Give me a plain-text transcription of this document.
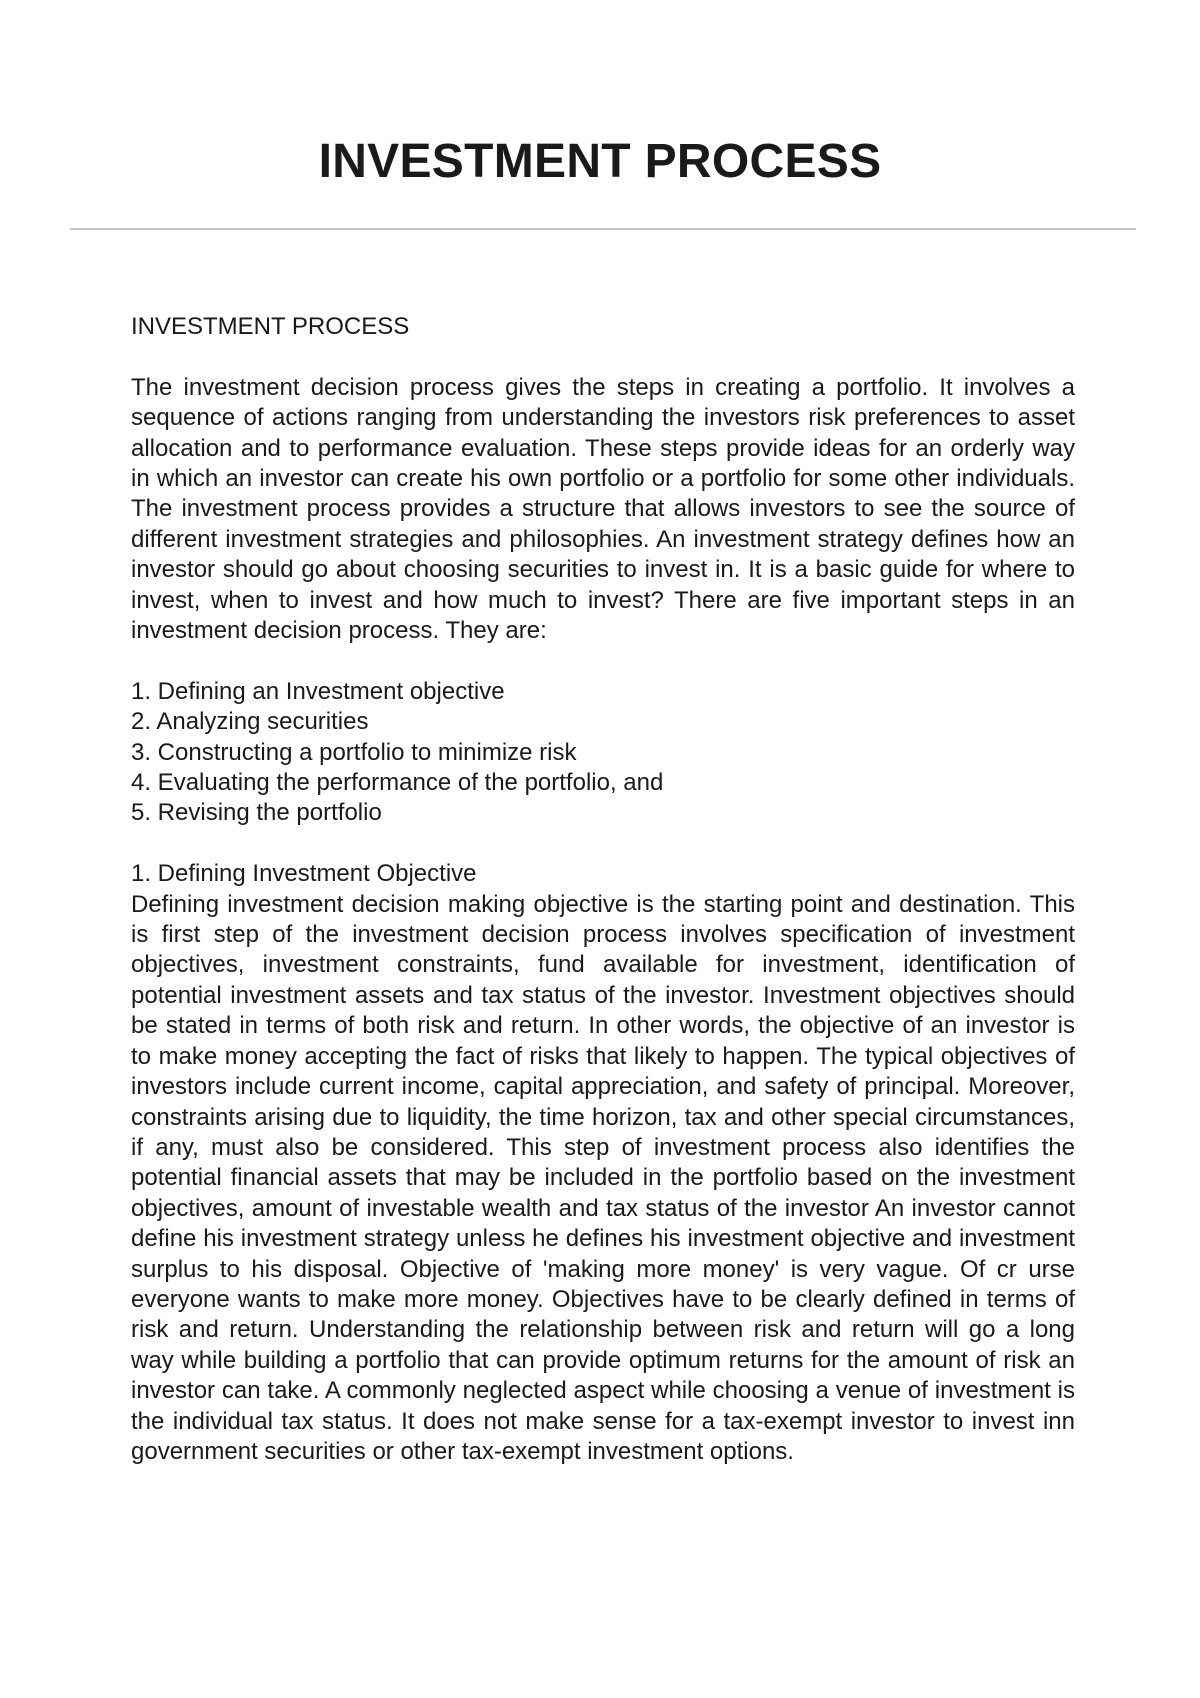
INVESTMENT PROCESS

INVESTMENT PROCESS

The investment decision process gives the steps in creating a portfolio. It involves a sequence of actions ranging from understanding the investors risk preferences to asset allocation and to performance evaluation. These steps provide ideas for an orderly way in which an investor can create his own portfolio or a portfolio for some other individuals. The investment process provides a structure that allows investors to see the source of different investment strategies and philosophies. An investment strategy defines how an investor should go about choosing securities to invest in. It is a basic guide for where to invest, when to invest and how much to invest? There are five important steps in an investment decision process. They are:

1. Defining an Investment objective
2. Analyzing securities
3. Constructing a portfolio to minimize risk
4. Evaluating the performance of the portfolio, and
5. Revising the portfolio

1. Defining Investment Objective

Defining investment decision making objective is the starting point and destination. This is first step of the investment decision process involves specification of investment objectives, investment constraints, fund available for investment, identification of potential investment assets and tax status of the investor. Investment objectives should be stated in terms of both risk and return. In other words, the objective of an investor is to make money accepting the fact of risks that likely to happen. The typical objectives of investors include current income, capital appreciation, and safety of principal. Moreover, constraints arising due to liquidity, the time horizon, tax and other special circumstances, if any, must also be considered. This step of investment process also identifies the potential financial assets that may be included in the portfolio based on the investment objectives, amount of investable wealth and tax status of the investor An investor cannot define his investment strategy unless he defines his investment objective and investment surplus to his disposal. Objective of 'making more money' is very vague. Of cr urse everyone wants to make more money. Objectives have to be clearly defined in terms of risk and return. Understanding the relationship between risk and return will go a long way while building a portfolio that can provide optimum returns for the amount of risk an investor can take. A commonly neglected aspect while choosing a venue of investment is the individual tax status. It does not make sense for a tax-exempt investor to invest inn government securities or other tax-exempt investment options.
